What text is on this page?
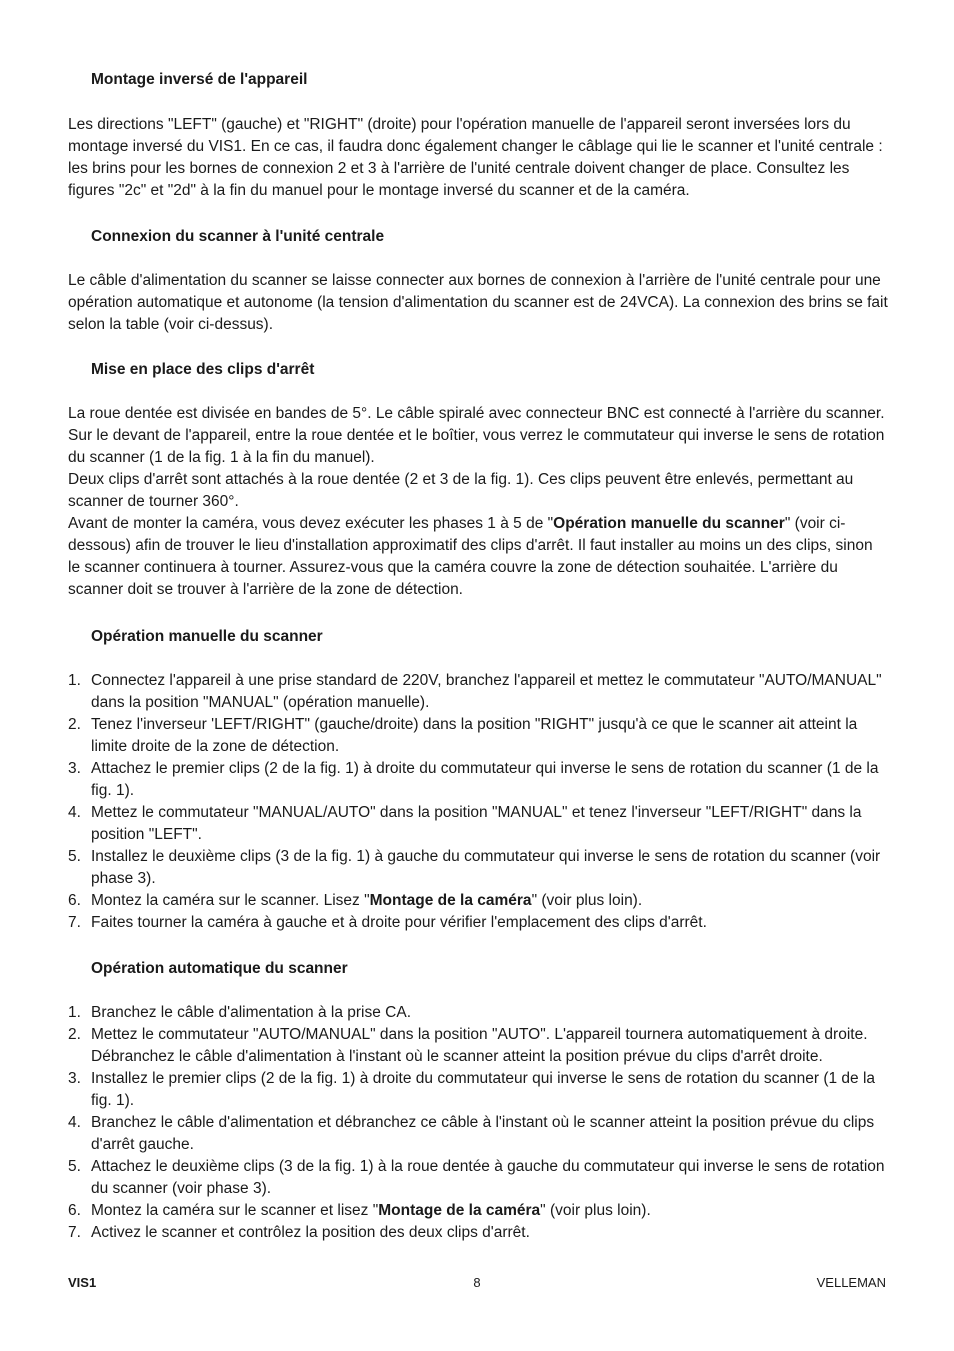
Montage inversé de l'appareil
Les directions "LEFT" (gauche) et "RIGHT" (droite) pour l'opération manuelle de l'appareil seront inversées lors du montage inversé du VIS1. En ce cas, il faudra donc également changer le câblage qui lie le scanner et l'unité centrale : les brins pour les bornes de connexion 2 et 3 à l'arrière de l'unité centrale doivent changer de place. Consultez les figures "2c" et "2d" à la fin du manuel pour le montage inversé du scanner et de la caméra.
Connexion du scanner à l'unité centrale
Le câble d'alimentation du scanner se laisse connecter aux bornes de connexion à l'arrière de l'unité centrale pour une opération automatique et autonome (la tension d'alimentation du scanner est de 24VCA). La connexion des brins se fait selon la table (voir ci-dessus).
Mise en place des clips d'arrêt
La roue dentée est divisée en bandes de 5°. Le câble spiralé avec connecteur BNC est connecté à l'arrière du scanner. Sur le devant de l'appareil, entre la roue dentée et le boîtier, vous verrez le commutateur qui inverse le sens de rotation du scanner (1 de la fig. 1 à la fin du manuel).
Deux clips d'arrêt sont attachés à la roue dentée (2 et 3 de la fig. 1). Ces clips peuvent être enlevés, permettant au scanner de tourner 360°.
Avant de monter la caméra, vous devez exécuter les phases 1 à 5 de "Opération manuelle du scanner" (voir ci-dessous) afin de trouver le lieu d'installation approximatif des clips d'arrêt. Il faut installer au moins un des clips, sinon le scanner continuera à tourner. Assurez-vous que la caméra couvre la zone de détection souhaitée. L'arrière du scanner doit se trouver à l'arrière de la zone de détection.
Opération manuelle du scanner
1. Connectez l'appareil à une prise standard de 220V, branchez l'appareil et mettez le commutateur "AUTO/MANUAL" dans la position "MANUAL" (opération manuelle).
2. Tenez l'inverseur 'LEFT/RIGHT" (gauche/droite) dans la position "RIGHT" jusqu'à ce que le scanner ait atteint la limite droite de la zone de détection.
3. Attachez le premier clips (2 de la fig. 1) à droite du commutateur qui inverse le sens de rotation du scanner (1 de la fig. 1).
4. Mettez le commutateur "MANUAL/AUTO" dans la position "MANUAL" et tenez l'inverseur "LEFT/RIGHT" dans la position "LEFT".
5. Installez le deuxième clips (3 de la fig. 1) à gauche du commutateur qui inverse le sens de rotation du scanner (voir phase 3).
6. Montez la caméra sur le scanner. Lisez "Montage de la caméra" (voir plus loin).
7. Faites tourner la caméra à gauche et à droite pour vérifier l'emplacement des clips d'arrêt.
Opération automatique du scanner
1. Branchez le câble d'alimentation à la prise CA.
2. Mettez le commutateur "AUTO/MANUAL" dans la position "AUTO". L'appareil tournera automatiquement à droite. Débranchez le câble d'alimentation à l'instant où le scanner atteint la position prévue du clips d'arrêt droite.
3. Installez le premier clips (2 de la fig. 1) à droite du commutateur qui inverse le sens de rotation du scanner (1 de la fig. 1).
4. Branchez le câble d'alimentation et débranchez ce câble à l'instant où le scanner atteint la position prévue du clips d'arrêt gauche.
5. Attachez le deuxième clips (3 de la fig. 1) à la roue dentée à gauche du commutateur qui inverse le sens de rotation du scanner (voir phase 3).
6. Montez la caméra sur le scanner et lisez "Montage de la caméra" (voir plus loin).
7. Activez le scanner et contrôlez la position des deux clips d'arrêt.
VIS1	8	VELLEMAN
